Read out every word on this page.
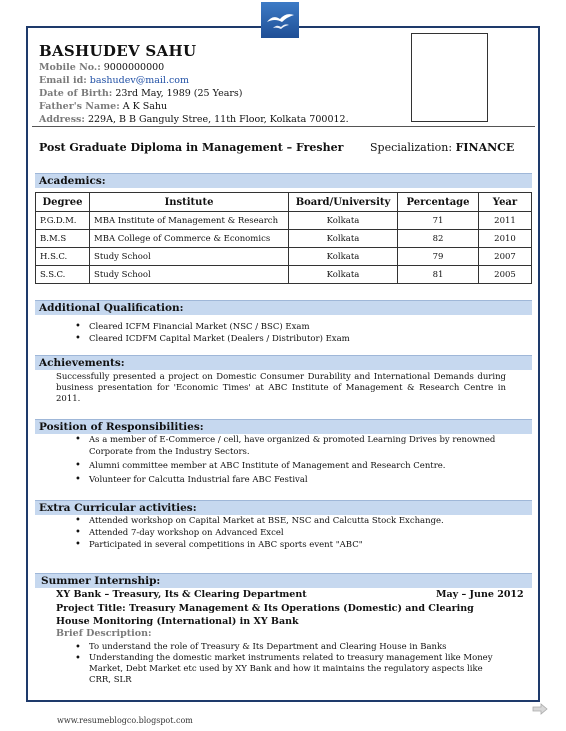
BASHUDEV SAHU
Mobile No.: 9000000000
Email id: bashudev@mail.com
Date of Birth: 23rd May, 1989 (25 Years)
Father's Name: A K Sahu
Address: 229A, B B Ganguly Stree, 11th Floor, Kolkata 700012.
Post Graduate Diploma in Management – Fresher Specialization: FINANCE
Academics:
Degree	Institute	Board/University	Percentage	Year
P.G.D.M.	MBA Institute of Management & Research	Kolkata	71	2011
B.M.S	MBA College of Commerce & Economics	Kolkata	82	2010
H.S.C.	Study School	Kolkata	79	2007
S.S.C.	Study School	Kolkata	81	2005
Additional Qualification:
• Cleared ICFM Financial Market (NSC / BSC) Exam
• Cleared ICDFM Capital Market (Dealers / Distributor) Exam
Achievements:
Successfully presented a project on Domestic Consumer Durability and International Demands during business presentation for 'Economic Times' at ABC Institute of Management & Research Centre in 2011.
Position of Responsibilities:
• As a member of E-Commerce / cell, have organized & promoted Learning Drives by renowned Corporate from the Industry Sectors.
• Alumni committee member at ABC Institute of Management and Research Centre.
• Volunteer for Calcutta Industrial fare ABC Festival
Extra Curricular activities:
• Attended workshop on Capital Market at BSE, NSC and Calcutta Stock Exchange.
• Attended 7-day workshop on Advanced Excel
• Participated in several competitions in ABC sports event "ABC"
Summer Internship:
XY Bank – Treasury, Its & Clearing Department	May – June 2012
Project Title: Treasury Management & Its Operations (Domestic) and Clearing House Monitoring (International) in XY Bank
Brief Description:
• To understand the role of Treasury & Its Department and Clearing House in Banks
• Understanding the domestic market instruments related to treasury management like Money Market, Debt Market etc used by XY Bank and how it maintains the regulatory aspects like CRR, SLR
www.resumeblogco.blogspot.com
